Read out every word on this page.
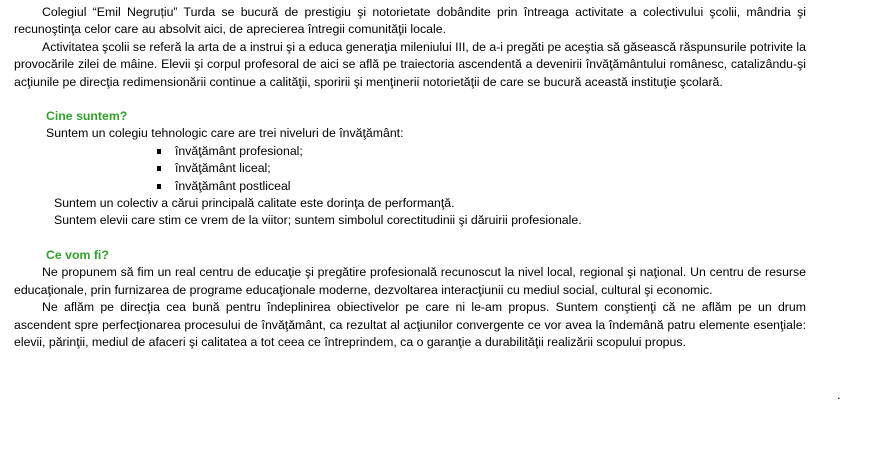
Colegiul “Emil Negruțiu” Turda se bucură de prestigiu şi notorietate dobândite prin întreaga activitate a colectivului şcolii, mândria şi recunoştinţa celor care au absolvit aici, de aprecierea întregii comunităţii locale.

Activitatea şcolii se referă la arta de a instrui şi a educa generaţia mileniului III, de a-i pregăti pe aceştia să găsească răspunsurile potrivite la provocările zilei de mâine. Elevii şi corpul profesoral de aici se află pe traiectoria ascendentă a devenirii învăţământului românesc, catalizându-şi acţiunile pe direcţia redimensionării continue a calităţii, sporirii şi menţinerii notorietăţii de care se bucură această instituţie şcolară.

Cine suntem?
Suntem un colegiu tehnologic care are trei niveluri de învăţământ:
învăţământ profesional;
învăţământ liceal;
învăţământ postliceal
Suntem un colectiv a cărui principală calitate este dorinţa de performanţă.
Suntem elevii care stim ce vrem de la viitor; suntem simbolul corectitudinii şi dăruirii profesionale.
Ce vom fi?

Ne propunem să fim un real centru de educaţie şi pregătire profesională recunoscut la nivel local, regional şi naţional. Un centru de resurse educaţionale, prin furnizarea de programe educaţionale moderne, dezvoltarea interacţiunii cu mediul social, cultural şi economic.

Ne aflăm pe direcţia cea bună pentru îndeplinirea obiectivelor pe care ni le-am propus. Suntem conştienţi că ne aflăm pe un drum ascendent spre perfecţionarea procesului de învăţământ, ca rezultat al acţiunilor convergente ce vor avea la îndemână patru elemente esenţiale: elevii, părinţii, mediul de afaceri şi calitatea a tot ceea ce întreprindem, ca o garanţie a durabilităţii realizării scopului propus.

.
